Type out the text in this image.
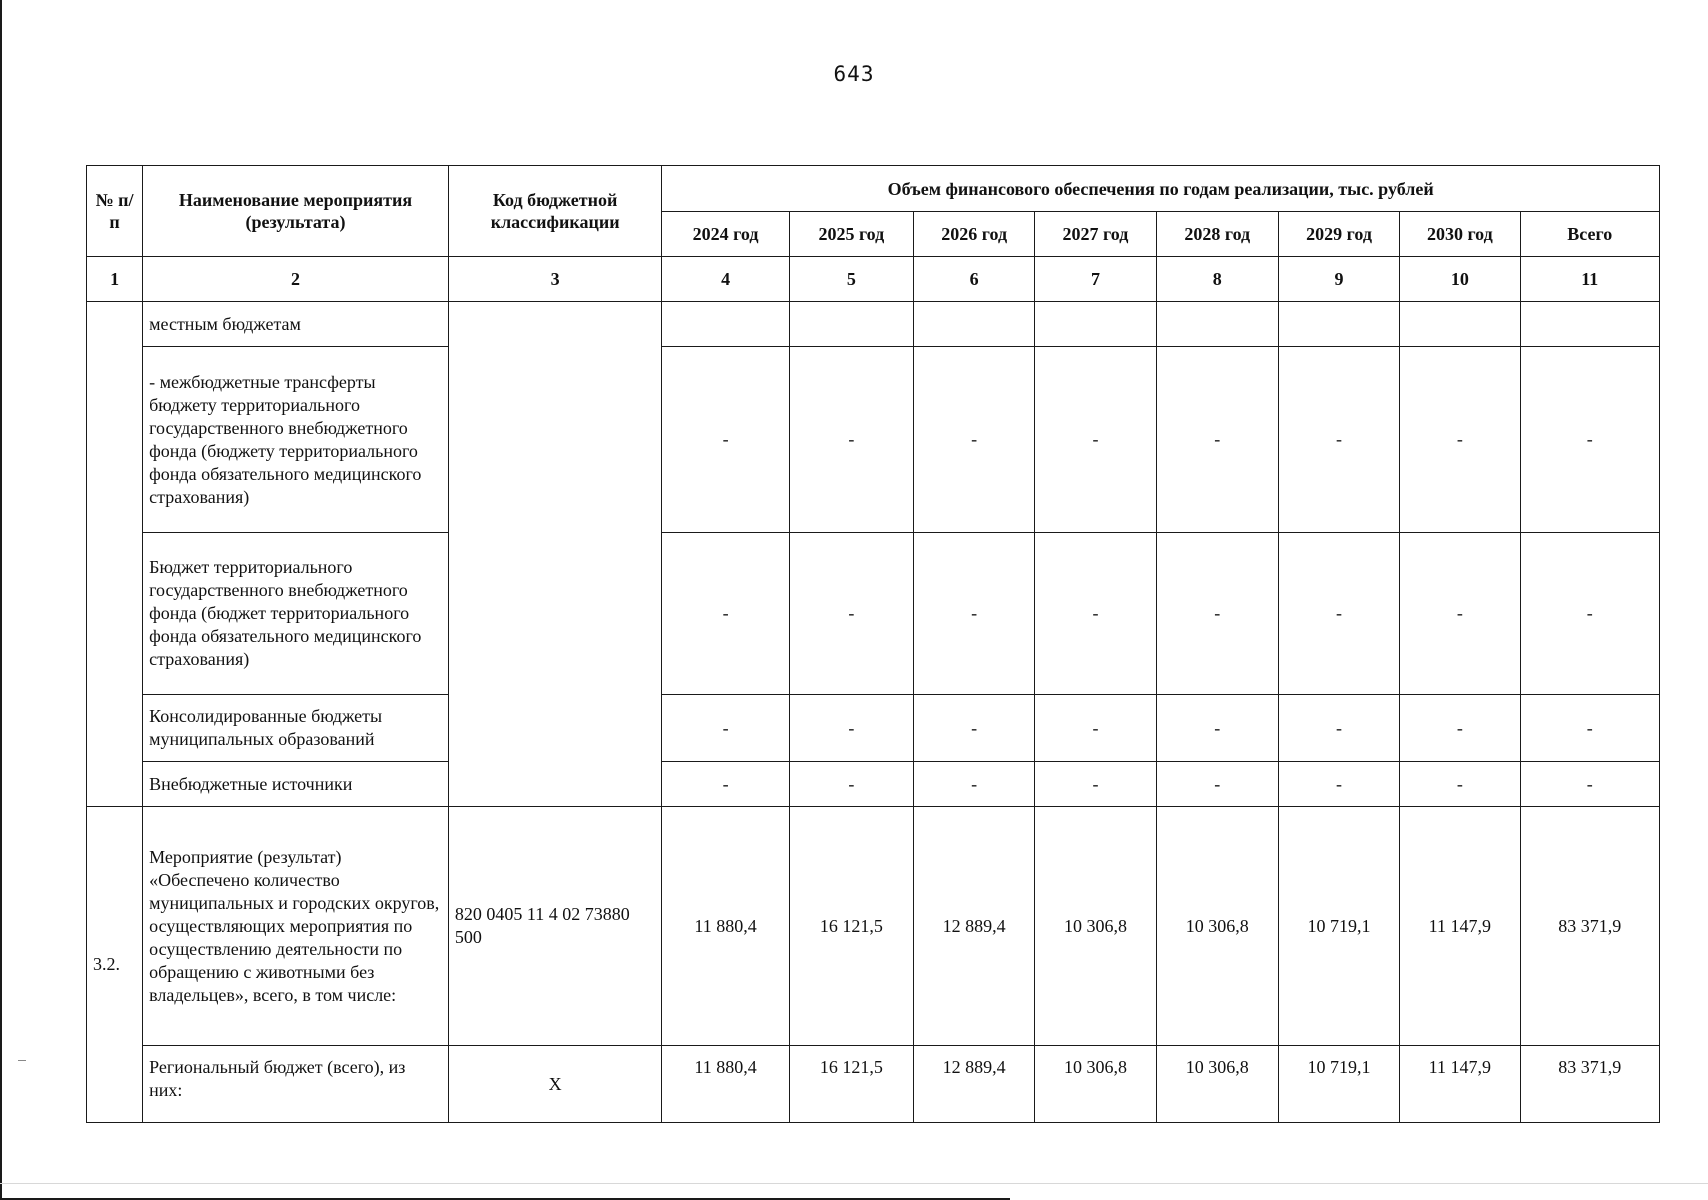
643
№ п/п	Наименование мероприятия (результата)	Код бюджетной классификации	Объем финансового обеспечения по годам реализации, тыс. рублей							
			2024 год	2025 год	2026 год	2027 год	2028 год	2029 год	2030 год	Всего
1	2	3	4	5	6	7	8	9	10	11
	местным бюджетам									
	- межбюджетные трансферты бюджету территориального государственного внебюджетного фонда (бюджету территориального фонда обязательного медицинского страхования)		-	-	-	-	-	-	-	-
	Бюджет территориального государственного внебюджетного фонда (бюджет территориального фонда обязательного медицинского страхования)		-	-	-	-	-	-	-	-
	Консолидированные бюджеты муниципальных образований		-	-	-	-	-	-	-	-
	Внебюджетные источники		-	-	-	-	-	-	-	-
3.2.	Мероприятие (результат) «Обеспечено количество муниципальных и городских округов, осуществляющих мероприятия по осуществлению деятельности по обращению с животными без владельцев», всего, в том числе:	820 0405 11 4 02 73880 500	11 880,4	16 121,5	12 889,4	10 306,8	10 306,8	10 719,1	11 147,9	83 371,9
	Региональный бюджет (всего), из них:	X	11 880,4	16 121,5	12 889,4	10 306,8	10 306,8	10 719,1	11 147,9	83 371,9
